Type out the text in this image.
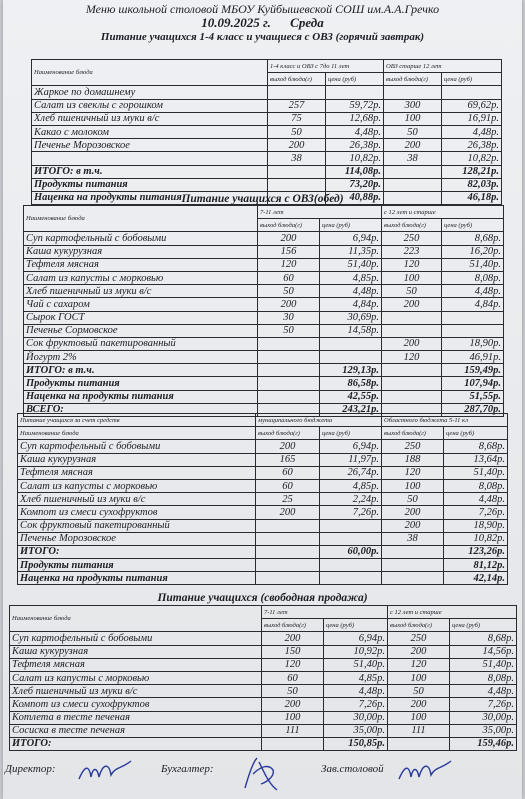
Меню школьной столовой МБОУ Куйбышевской СОШ им.А.А.Гречко
10.09.2025 г. Среда
Питание учащихся 1-4 класс и учащиеся с ОВЗ (горячий завтрак)
Наименование блюда	1-4 класс и ОВЗ с 7до 11 лет		ОВЗ старше 12 лет	
	выход блюда(г)	цена (руб)	выход блюда(г)	цена (руб)
Жаркое по домашнему				
Салат из свеклы с горошком	257	59,72р.	300	69,62р.
Хлеб пшеничный из муки в/с	75	12,68р.	100	16,91р.
Какао с молоком	50	4,48р.	50	4,48р.
Печенье Морозовское	200	26,38р.	200	26,38р.
	38	10,82р.	38	10,82р.
ИТОГО: в т.ч.		114,08р.		128,21р.
Продукты питания		73,20р.		82,03р.
Наценка на продукты питания		40,88р.		46,18р.
Питание учащихся с ОВЗ(обед)
Наименование блюда	7-11 лет		с 12 лет и старше	
	выход блюда(г)	цена (руб)	выход блюда(г)	цена (руб)
Суп картофельный с бобовыми	200	6,94р.	250	8,68р.
Каша кукурузная	156	11,35р.	223	16,20р.
Тефтеля мясная	120	51,40р.	120	51,40р.
Салат из капусты с морковью	60	4,85р.	100	8,08р.
Хлеб пшеничный из муки в/с	50	4,48р.	50	4,48р.
Чай с сахаром	200	4,84р.	200	4,84р.
Сырок ГОСТ	30	30,69р.		
Печенье Сормовское	50	14,58р.		
Сок фруктовый пакетированный			200	18,90р.
Йогурт 2%			120	46,91р.
ИТОГО: в т.ч.		129,13р.		159,49р.
Продукты питания		86,58р.		107,94р.
Наценка на продукты питания		42,55р.		51,55р.
ВСЕГО:		243,21р.		287,70р.
Питание учащихся за счет средств	муниципального бюджета		Областного бюджета 5-11 кл	
Наименование блюда	выход блюда(г)	цена (руб)	выход блюда(г)	цена (руб)
Суп картофельный с бобовыми	200	6,94р.	250	8,68р.
Каша кукурузная	165	11,97р.	188	13,64р.
Тефтеля мясная	60	26,74р.	120	51,40р.
Салат из капусты с морковью	60	4,85р.	100	8,08р.
Хлеб пшеничный из муки в/с	25	2,24р.	50	4,48р.
Компот из смеси сухофруктов	200	7,26р.	200	7,26р.
Сок фруктовый пакетированный			200	18,90р.
Печенье Морозовское			38	10,82р.
ИТОГО:		60,00р.		123,26р.
Продукты питания				81,12р.
Наценка на продукты питания				42,14р.
Питание учащихся (свободная продажа)
Наименование блюда	7-11 лет		с 12 лет и старше	
	выход блюда(г)	цена (руб)	выход блюда(г)	цена (руб)
Суп картофельный с бобовыми	200	6,94р.	250	8,68р.
Каша кукурузная	150	10,92р.	200	14,56р.
Тефтеля мясная	120	51,40р.	120	51,40р.
Салат из капусты с морковью	60	4,85р.	100	8,08р.
Хлеб пшеничный из муки в/с	50	4,48р.	50	4,48р.
Компот из смеси сухофруктов	200	7,26р.	200	7,26р.
Котлета в тесте печеная	100	30,00р.	100	30,00р.
Сосиска в тесте печеная	111	35,00р.	111	35,00р.
ИТОГО:		150,85р.		159,46р.
Директор:	Бухгалтер:	Зав.столовой
